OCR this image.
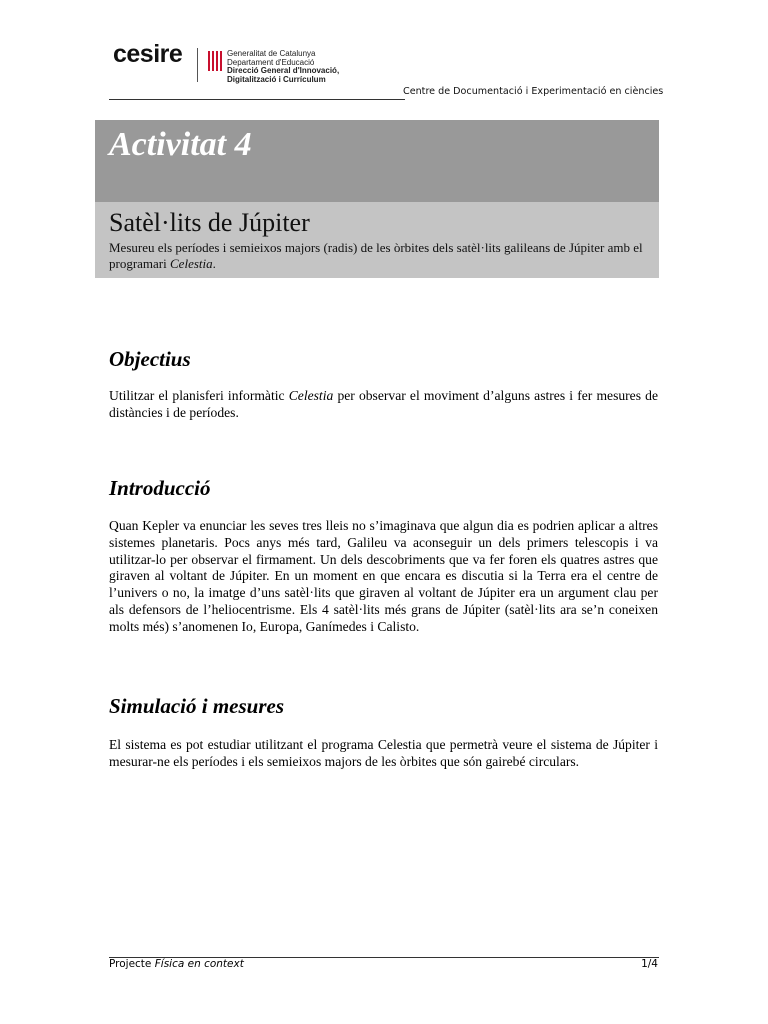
cesire	Generalitat de Catalunya
Departament d'Educació
Direcció General d'Innovació,
Digitalització i Currículum
Centre de Documentació i Experimentació en ciències
Activitat 4
Satèl·lits de Júpiter
Mesureu els períodes i semieixos majors (radis) de les òrbites dels satèl·lits galileans de Júpiter amb el programari Celestia.
Objectius
Utilitzar el planisferi informàtic Celestia per observar el moviment d’alguns astres i fer mesures de distàncies i de períodes.
Introducció
Quan Kepler va enunciar les seves tres lleis no s’imaginava que algun dia es podrien aplicar a altres sistemes planetaris. Pocs anys més tard, Galileu va aconseguir un dels primers telescopis i va utilitzar-lo per observar el firmament. Un dels descobriments que va fer foren els quatres astres que giraven al voltant de Júpiter. En un moment en que encara es discutia si la Terra era el centre de l’univers o no, la imatge d’uns satèl·lits que giraven al voltant de Júpiter era un argument clau per als defensors de l’heliocentrisme. Els 4 satèl·lits més grans de Júpiter (satèl·lits ara se’n coneixen molts més) s’anomenen Io, Europa, Ganímedes i Calisto.
Simulació i mesures
El sistema es pot estudiar utilitzant el programa Celestia que permetrà veure el sistema de Júpiter i mesurar-ne els períodes i els semieixos majors de les òrbites que són gairebé circulars.
Projecte Física en context	1/4
